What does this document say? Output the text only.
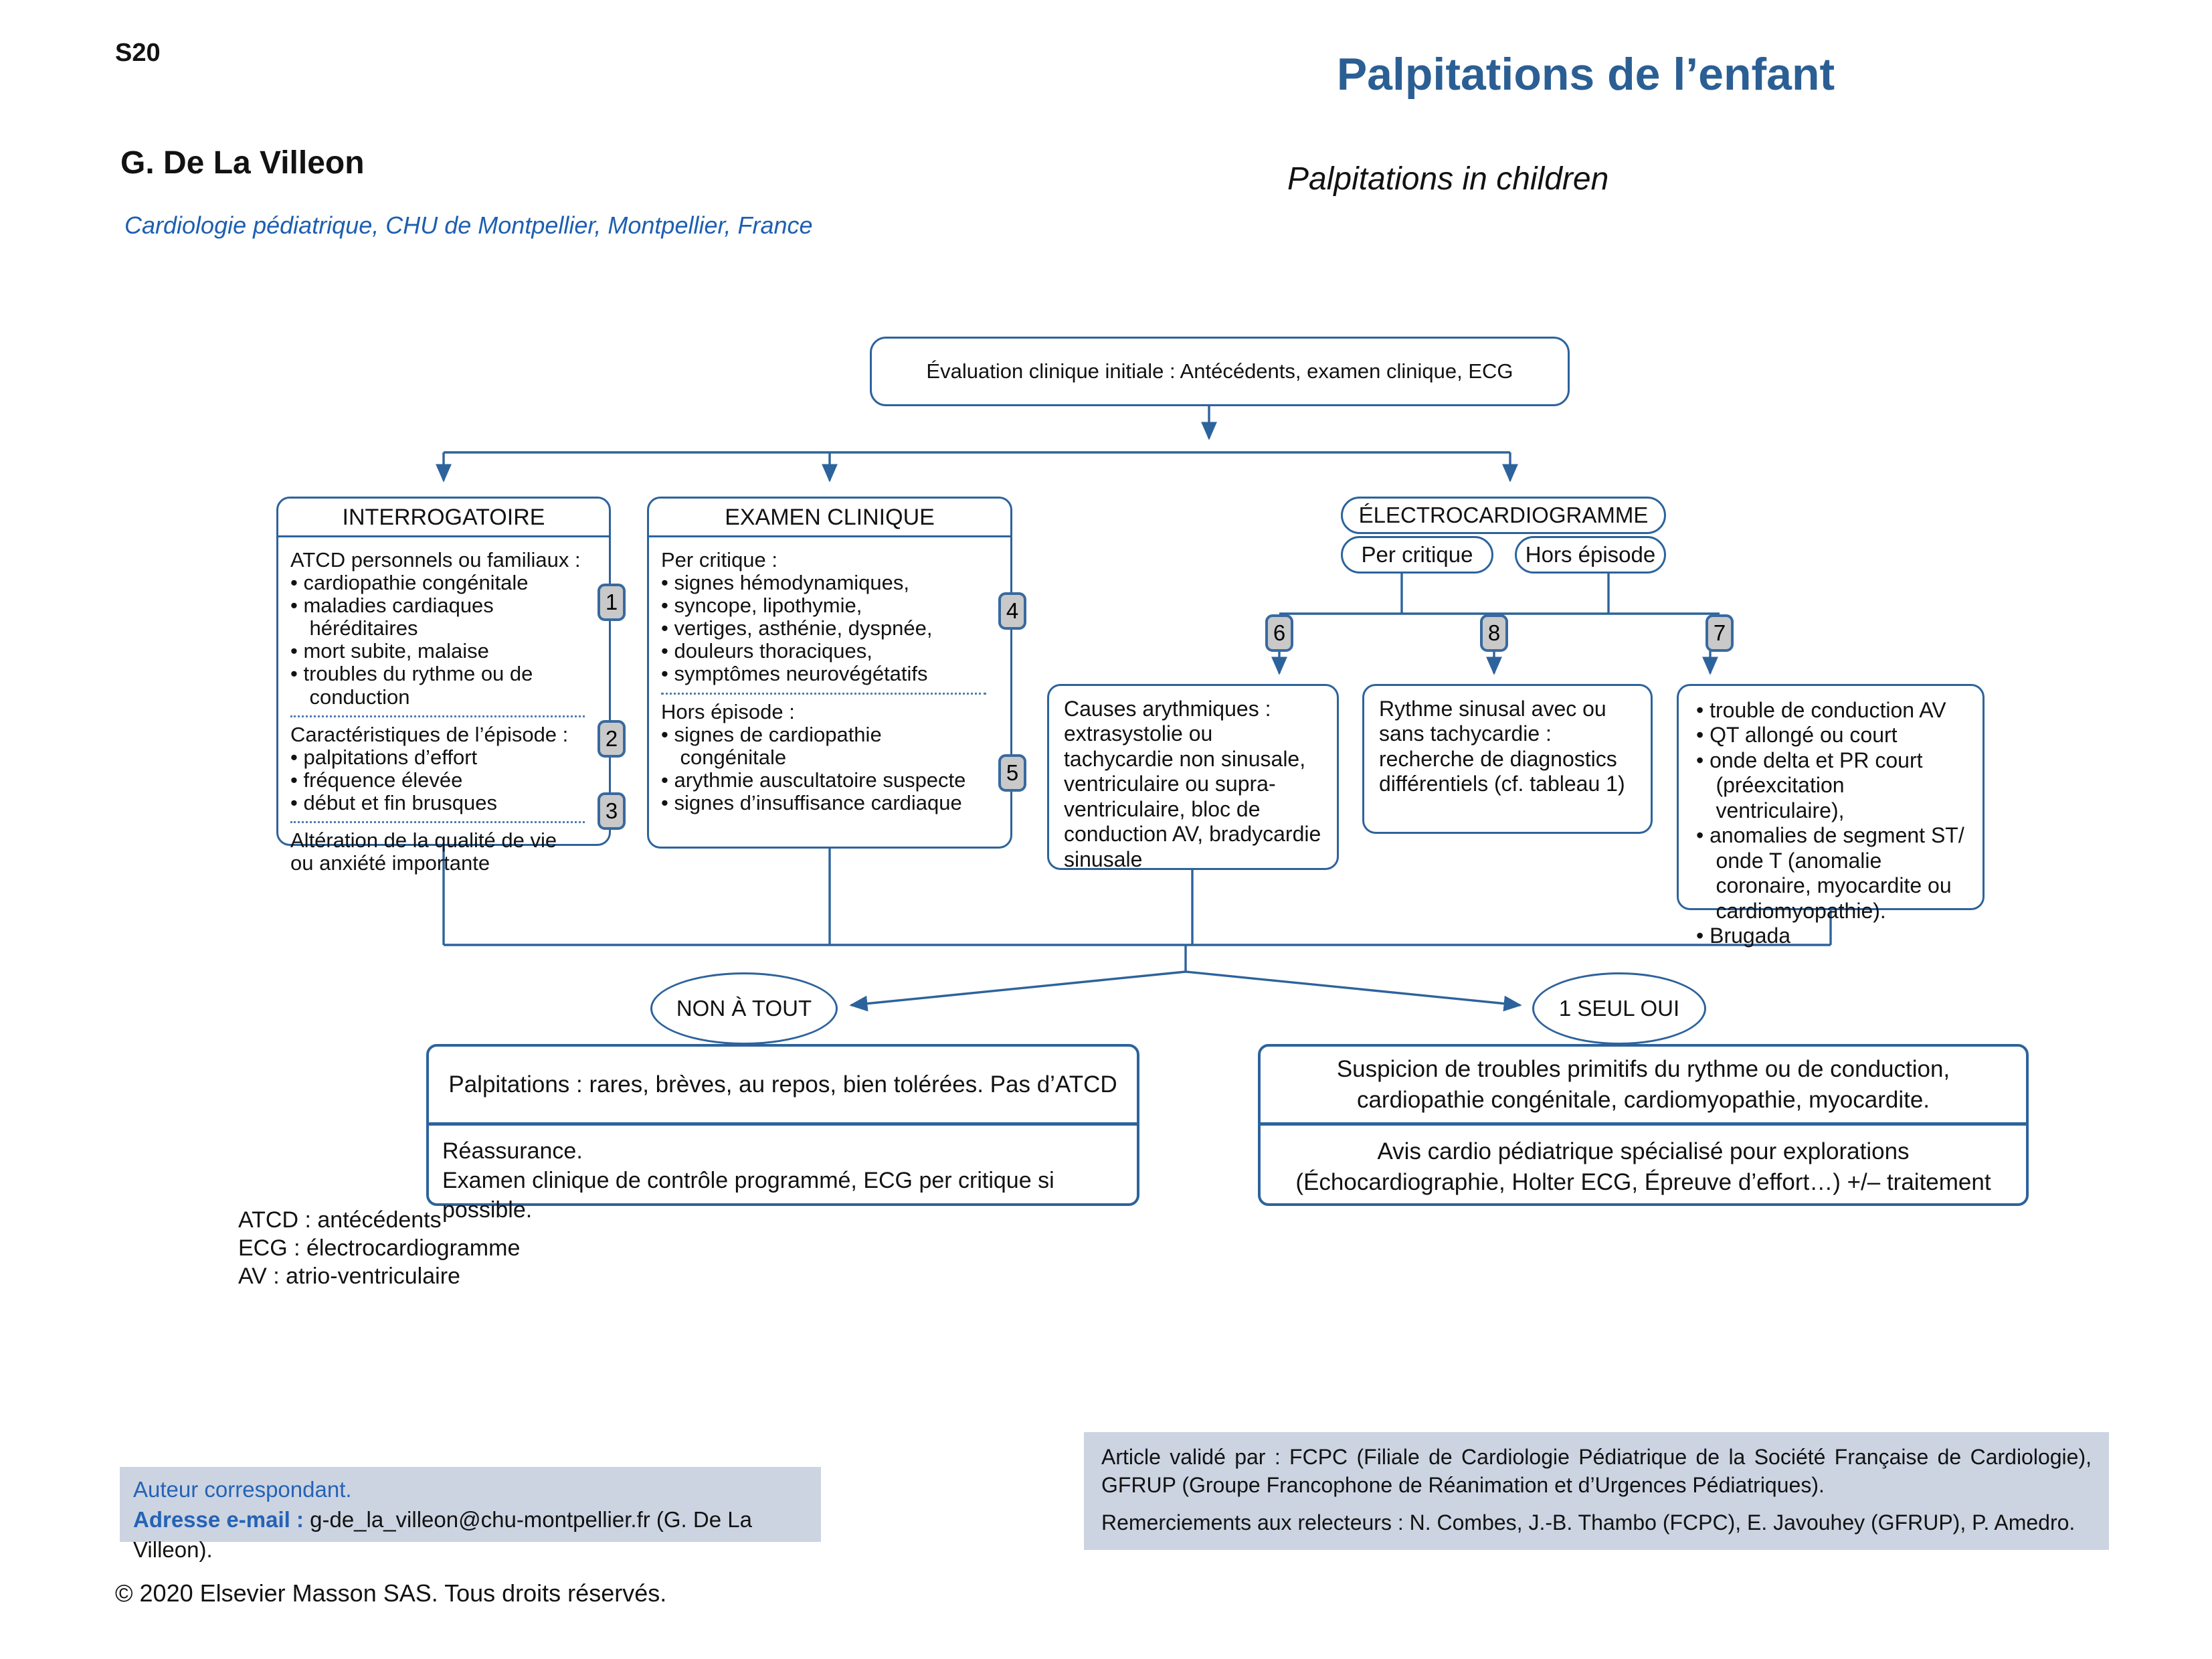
S20	Palpitations de l’enfant
G. De La Villeon	Palpitations in children
Cardiologie pédiatrique, CHU de Montpellier, Montpellier, France
Évaluation clinique initiale : Antécédents, examen clinique, ECG
INTERROGATOIRE

ATCD personnels ou familiaux :

• cardiopathie congénitale
• maladies cardiaques héréditaires
• mort subite, malaise
• troubles du rythme ou de conduction

Caractéristiques de l’épisode :

• palpitations d’effort
• fréquence élevée
• début et fin brusques

Altération de la qualité de vie ou anxiété importante

1
2
3
EXAMEN CLINIQUE

Per critique :

• signes hémodynamiques,
• syncope, lipothymie,
• vertiges, asthénie, dyspnée,
• douleurs thoraciques,
• symptômes neurovégétatifs

Hors épisode :

• signes de cardiopathie congénitale
• arythmie auscultatoire suspecte
• signes d’insuffisance cardiaque
4
5
ÉLECTROCARDIOGRAMME
Per critique Hors épisode
6	8	7
Causes arythmiques : extrasystolie ou tachycardie non sinusale, ventriculaire ou supra-ventriculaire, bloc de conduction AV, bradycardie sinusale
Rythme sinusal avec ou sans tachycardie : recherche de diagnostics différentiels (cf. tableau 1)
• trouble de conduction AV
• QT allongé ou court
• onde delta et PR court (préexcitation ventriculaire),
• anomalies de segment ST/ onde T (anomalie coronaire, myocardite ou cardiomyopathie).
• Brugada
NON À TOUT	1 SEUL OUI
Palpitations : rares, brèves, au repos, bien tolérées. Pas d’ATCD
Réassurance.
Examen clinique de contrôle programmé, ECG per critique si possible.
Suspicion de troubles primitifs du rythme ou de conduction,
cardiopathie congénitale, cardiomyopathie, myocardite.
Avis cardio pédiatrique spécialisé pour explorations
(Échocardiographie, Holter ECG, Épreuve d’effort…) +/– traitement
ATCD : antécédents
ECG : électrocardiogramme
AV : atrio-ventriculaire
Auteur correspondant.
Adresse e-mail : g-de_la_villeon@chu-montpellier.fr (G. De La Villeon).

Article validé par : FCPC (Filiale de Cardiologie Pédiatrique de la Société Française de Cardiologie), GFRUP (Groupe Francophone de Réanimation et d’Urgences Pédiatriques).

Remerciements aux relecteurs : N. Combes, J.-B. Thambo (FCPC), E. Javouhey (GFRUP), P. Amedro.

© 2020 Elsevier Masson SAS. Tous droits réservés.
